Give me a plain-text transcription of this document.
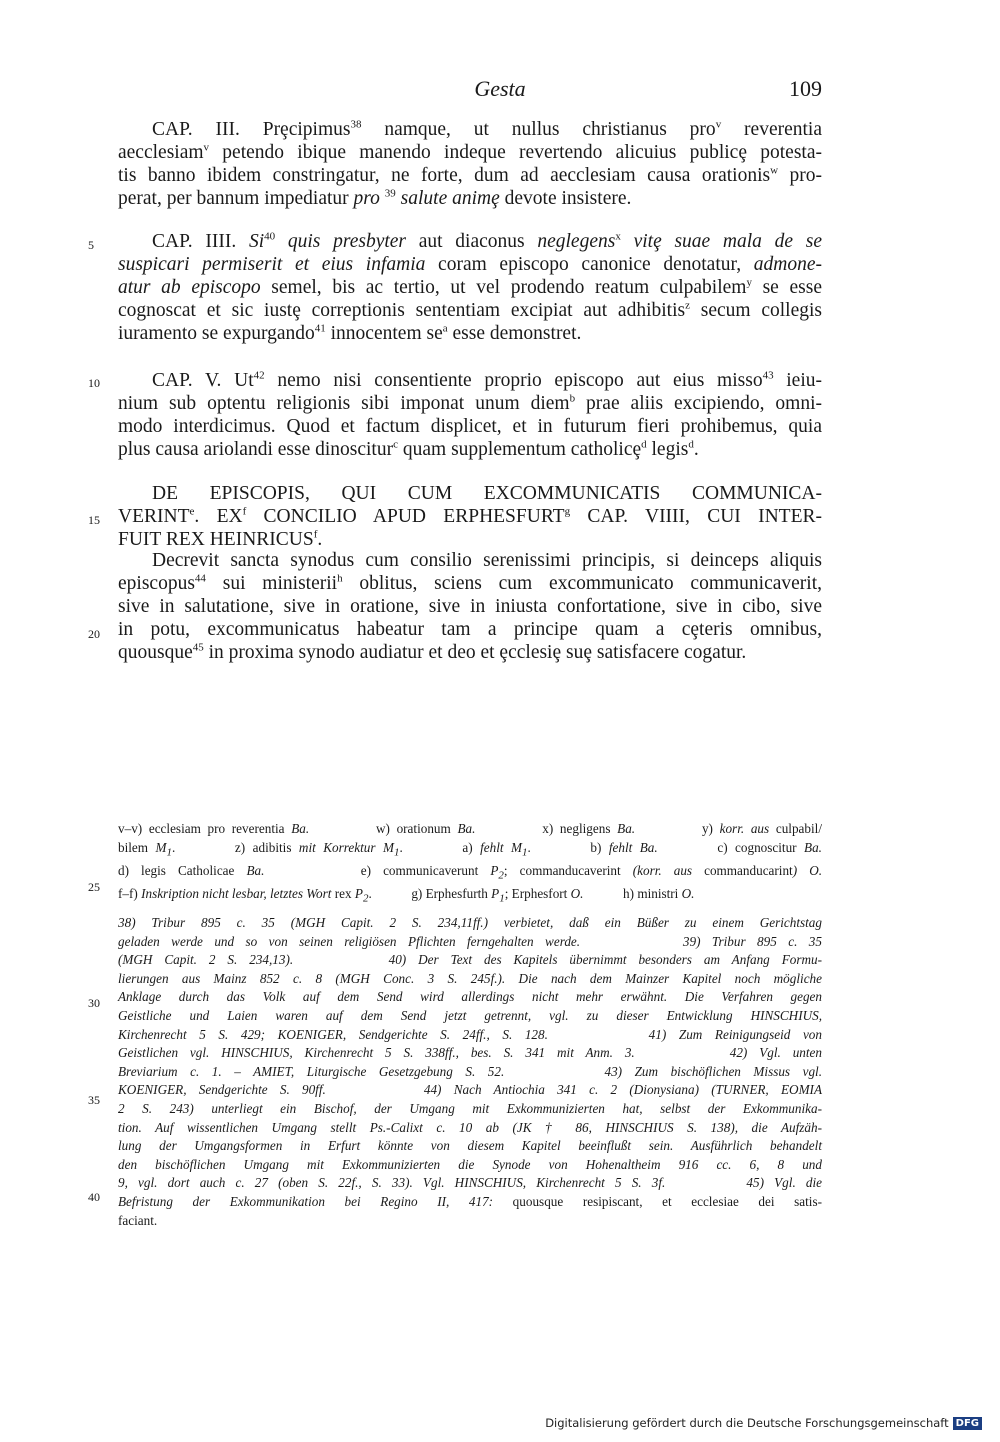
Gesta	109
CAP. III. Prȩcipimus$^{38}$ namque, ut nullus christianus pro$^v$ reverentia
aecclesiam$^v$ petendo ibique manendo indeque revertendo alicuius publicȩ potesta-
tis banno ibidem constringatur, ne forte, dum ad aecclesiam causa orationis$^w$ pro-
perat, per bannum impediatur pro $^{39}$ salute animȩ devote insistere.
CAP. IIII. Si$^{40}$ quis presbyter aut diaconus neglegens$^x$ vitȩ suae mala de se
suspicari permiserit et eius infamia coram episcopo canonice denotatur, admone-
atur ab episcopo semel, bis ac tertio, ut vel prodendo reatum culpabilem$^y$ se esse
cognoscat et sic iustȩ correptionis sententiam excipiat aut adhibitis$^z$ secum collegis
iuramento se expurgando$^{41}$ innocentem $se^a$ esse demonstret.
CAP. V. Ut$^{42}$ nemo nisi consentiente proprio episcopo aut eius misso$^{43}$ ieiu-
nium sub optentu religionis sibi imponat unum diem$^b$ prae aliis excipiendo, omni-
modo interdicimus. Quod et factum displicet, et in futurum fieri prohibemus, quia
plus causa ariolandi esse dinoscitur$^c$ quam supplementum catholicȩ$^d$ legis$^d$.
DE EPISCOPIS, QUI CUM EXCOMMUNICATIS COMMUNICA-
VERINT$^e$. $EX^f$ CONCILIO APUD ERPHESFURT$^g$ CAP. VIIII, CUI INTER-
FUIT REX HEINRICUS$^f$.
Decrevit sancta synodus cum consilio serenissimi principis, si deinceps aliquis
episcopus$^{44}$ sui ministerii$^h$ oblitus, sciens cum excommunicato communicaverit,
sive in salutatione, sive in oratione, sive in iniusta confortatione, sive in cibo, sive
in potu, excommunicatus habeatur tam a principe quam a cȩteris omnibus,
quousque$^{45}$ in proxima synodo audiatur et deo et ȩcclesiȩ suȩ satisfacere cogatur.
5
10
15
20
25
30
35
40
v–v) ecclesiam pro reverentia Ba.          w) orationum Ba.          x) negligens Ba.          y) korr. aus culpabil/
bilem $M_1$.        z) adibitis mit Korrektur $M_1$.        a) fehlt $M_1$.        b) fehlt Ba.        c) cognoscitur Ba.
d) legis Catholicae Ba.        e) communicaverunt $P_2$; commanducaverint (korr. aus commanducarint) O.
f–f) Inskription nicht lesbar, letztes Wort rex $P_2$.            g) Erphesfurth $P_1$; Erphesfort O.            h) ministri O.
38) Tribur 895 c. 35 (MGH Capit. 2 S. 234,11ff.) verbietet, daß ein Büßer zu einem Gerichtstag
geladen werde und so von seinen religiösen Pflichten ferngehalten werde.         39) Tribur 895 c. 35
(MGH Capit. 2 S. 234,13).        40) Der Text des Kapitels übernimmt besonders am Anfang Formu-
lierungen aus Mainz 852 c. 8 (MGH Conc. 3 S. 245f.). Die nach dem Mainzer Kapitel noch mögliche
Anklage durch das Volk auf dem Send wird allerdings nicht mehr erwähnt. Die Verfahren gegen
Geistliche und Laien waren auf dem Send jetzt getrennt, vgl. zu dieser Entwicklung HINSCHIUS,
Kirchenrecht 5 S. 429; KOENIGER, Sendgerichte S. 24ff., S. 128.        41) Zum Reinigungseid von
Geistlichen vgl. HINSCHIUS, Kirchenrecht 5 S. 338ff., bes. S. 341 mit Anm. 3.        42) Vgl. unten
Breviarium c. 1. – AMIET, Liturgische Gesetzgebung S. 52.        43) Zum bischöflichen Missus vgl.
KOENIGER, Sendgerichte S. 90ff.        44) Nach Antiochia 341 c. 2 (Dionysiana) (TURNER, EOMIA
2 S. 243) unterliegt ein Bischof, der Umgang mit Exkommunizierten hat, selbst der Exkommunika-
tion. Auf wissentlichen Umgang stellt Ps.-Calixt c. 10 ab (JK † 86, HINSCHIUS S. 138), die Aufzäh-
lung der Umgangsformen in Erfurt könnte von diesem Kapitel beeinflußt sein. Ausführlich behandelt
den bischöflichen Umgang mit Exkommunizierten die Synode von Hohenaltheim 916 cc. 6, 8 und
9, vgl. dort auch c. 27 (oben S. 22f., S. 33). Vgl. HINSCHIUS, Kirchenrecht 5 S. 3f.        45) Vgl. die
Befristung der Exkommunikation bei Regino II, 417: quousque resipiscant, et ecclesiae dei satis-
faciant.
Digitalisierung gefördert durch die Deutsche Forschungsgemeinschaft DFG
